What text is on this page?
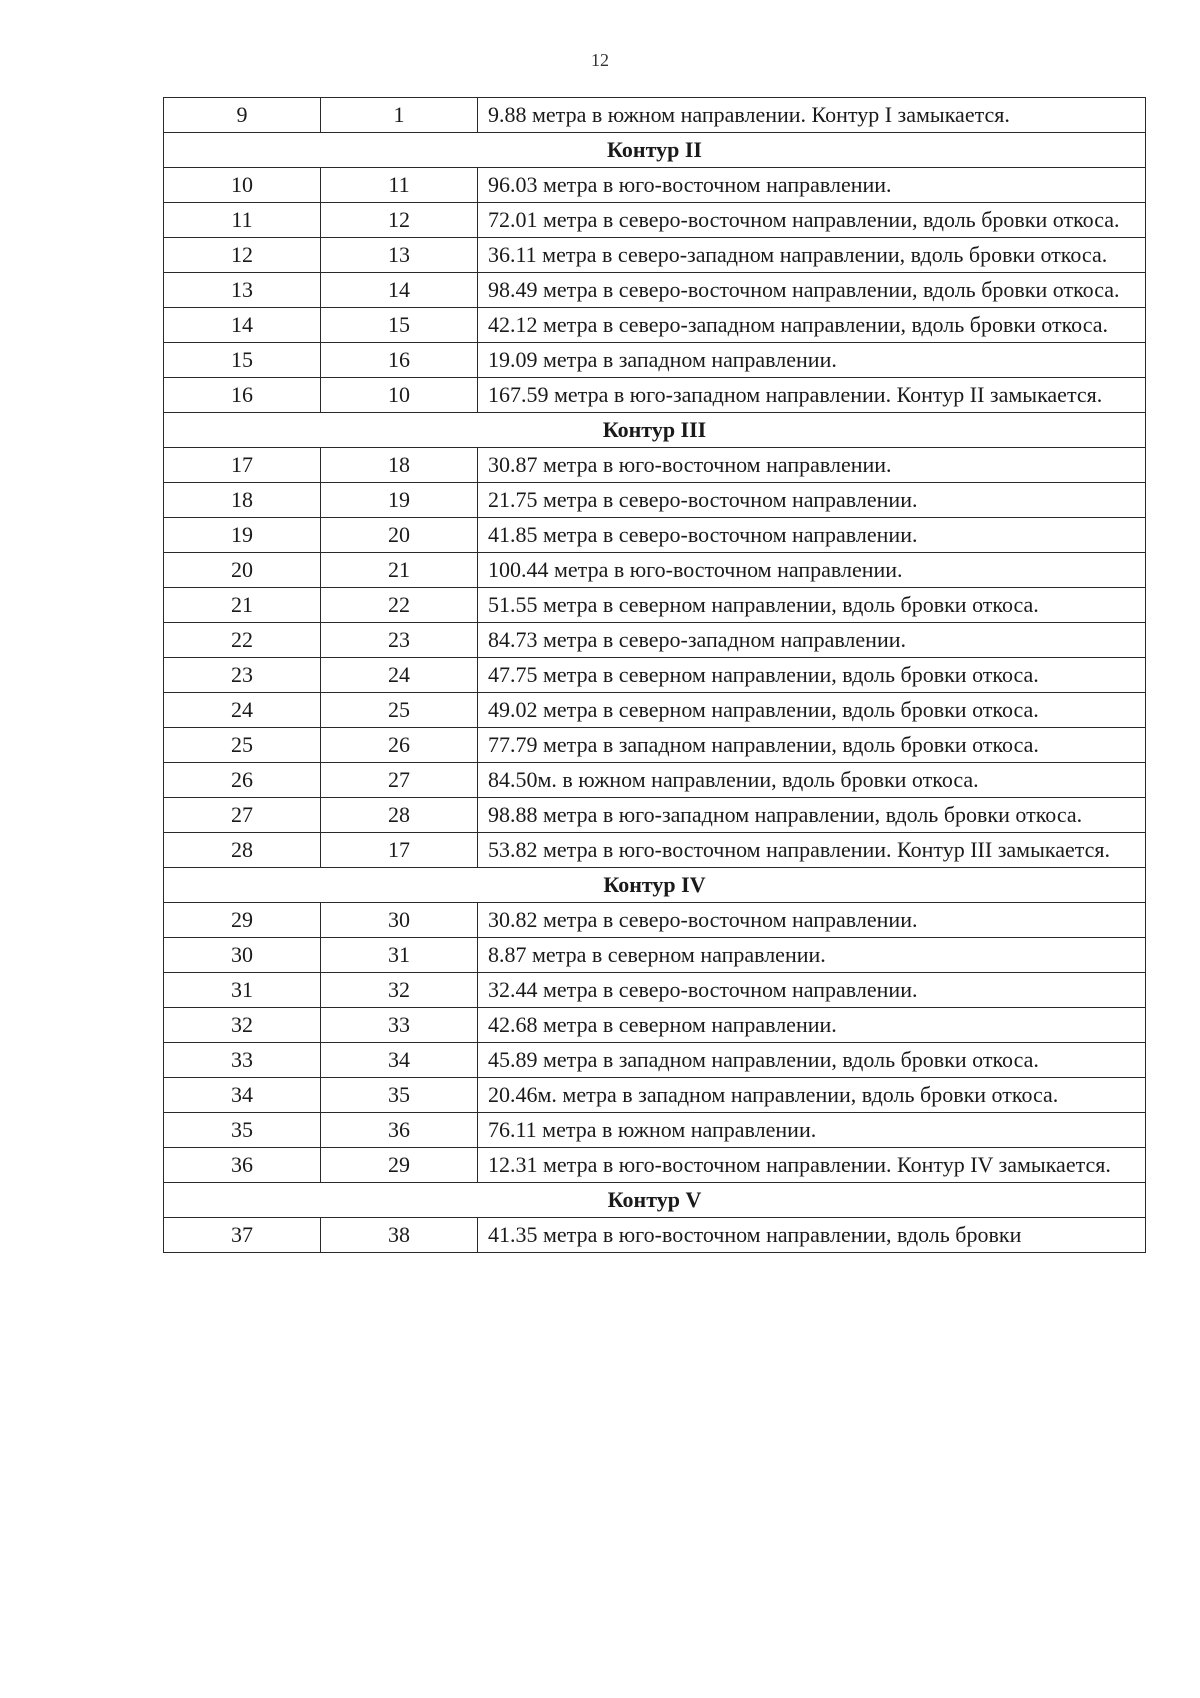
12
9	1	9.88 метра в южном направлении. Контур I замыкается.
Контур II		
10	11	96.03 метра в юго-восточном направлении.
11	12	72.01 метра в северо-восточном направлении, вдоль бровки откоса.
12	13	36.11 метра в северо-западном направлении, вдоль бровки откоса.
13	14	98.49 метра в северо-восточном направлении, вдоль бровки откоса.
14	15	42.12 метра в северо-западном направлении, вдоль бровки откоса.
15	16	19.09 метра в западном направлении.
16	10	167.59 метра в юго-западном направлении. Контур II замыкается.
Контур III		
17	18	30.87 метра в юго-восточном направлении.
18	19	21.75 метра в северо-восточном направлении.
19	20	41.85 метра в северо-восточном направлении.
20	21	100.44 метра в юго-восточном направлении.
21	22	51.55 метра в северном направлении, вдоль бровки откоса.
22	23	84.73 метра в северо-западном направлении.
23	24	47.75 метра в северном направлении, вдоль бровки откоса.
24	25	49.02 метра в северном направлении, вдоль бровки откоса.
25	26	77.79 метра в западном направлении, вдоль бровки откоса.
26	27	84.50м. в южном направлении, вдоль бровки откоса.
27	28	98.88 метра в юго-западном направлении, вдоль бровки откоса.
28	17	53.82 метра в юго-восточном направлении. Контур III замыкается.
Контур IV		
29	30	30.82 метра в северо-восточном направлении.
30	31	8.87 метра в северном направлении.
31	32	32.44 метра в северо-восточном направлении.
32	33	42.68 метра в северном направлении.
33	34	45.89 метра в западном направлении, вдоль бровки откоса.
34	35	20.46м. метра в западном направлении, вдоль бровки откоса.
35	36	76.11 метра в южном направлении.
36	29	12.31 метра в юго-восточном направлении. Контур IV замыкается.
Контур V		
37	38	41.35 метра в юго-восточном направлении, вдоль бровки
